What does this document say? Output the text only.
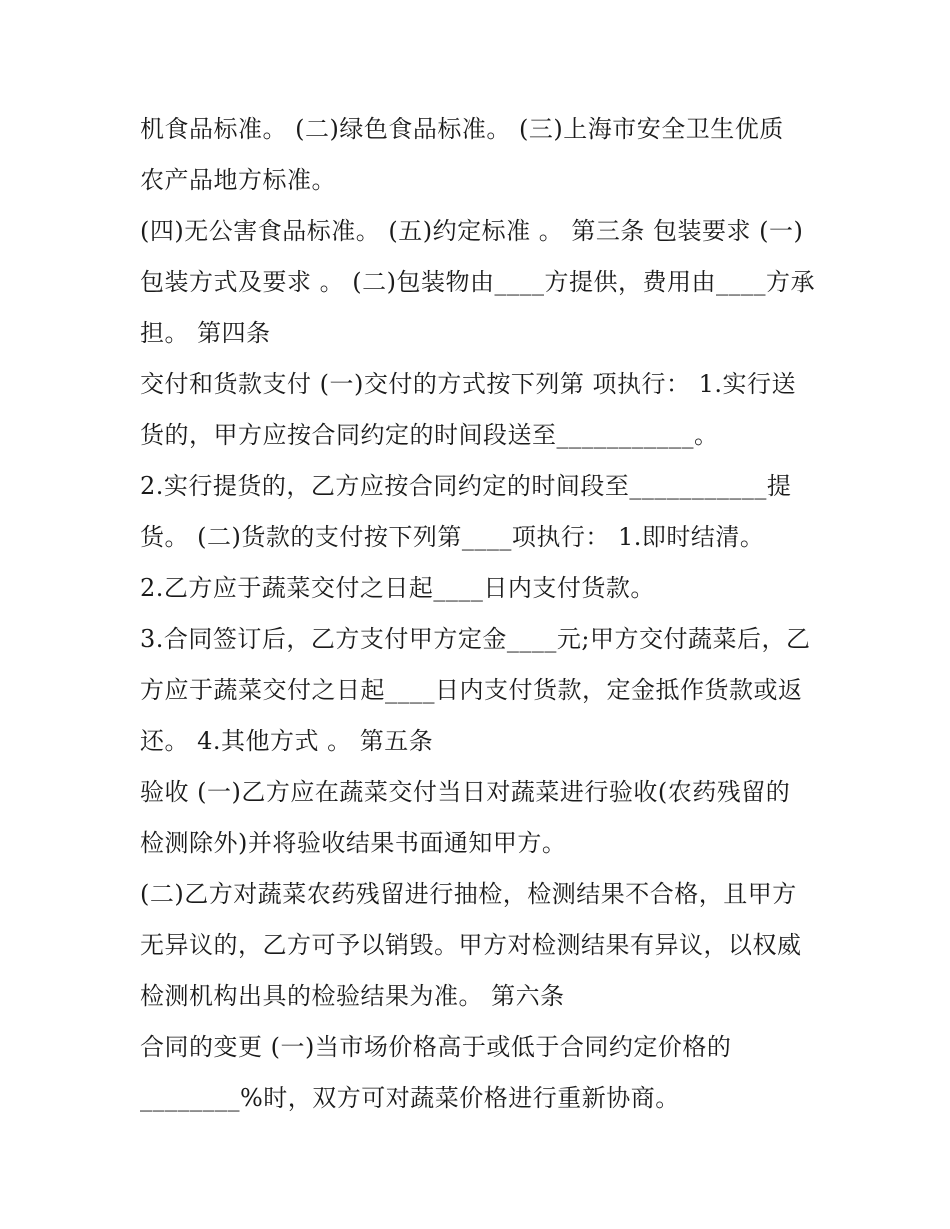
机食品标准。 (二)绿色食品标准。 (三)上海市安全卫生优质
农产品地方标准。
(四)无公害食品标准。 (五)约定标准 。 第三条 包装要求 (一)
包装方式及要求 。 (二)包装物由____方提供，费用由____方承
担。 第四条
交付和货款支付 (一)交付的方式按下列第 项执行： 1.实行送
货的，甲方应按合同约定的时间段送至___________。
2.实行提货的，乙方应按合同约定的时间段至___________提
货。 (二)货款的支付按下列第____项执行： 1.即时结清。
2.乙方应于蔬菜交付之日起____日内支付货款。
3.合同签订后，乙方支付甲方定金____元;甲方交付蔬菜后，乙
方应于蔬菜交付之日起____日内支付货款，定金抵作货款或返
还。 4.其他方式 。 第五条
验收 (一)乙方应在蔬菜交付当日对蔬菜进行验收(农药残留的
检测除外)并将验收结果书面通知甲方。
(二)乙方对蔬菜农药残留进行抽检，检测结果不合格，且甲方
无异议的，乙方可予以销毁。甲方对检测结果有异议，以权威
检测机构出具的检验结果为准。 第六条
合同的变更 (一)当市场价格高于或低于合同约定价格的
________%时，双方可对蔬菜价格进行重新协商。
